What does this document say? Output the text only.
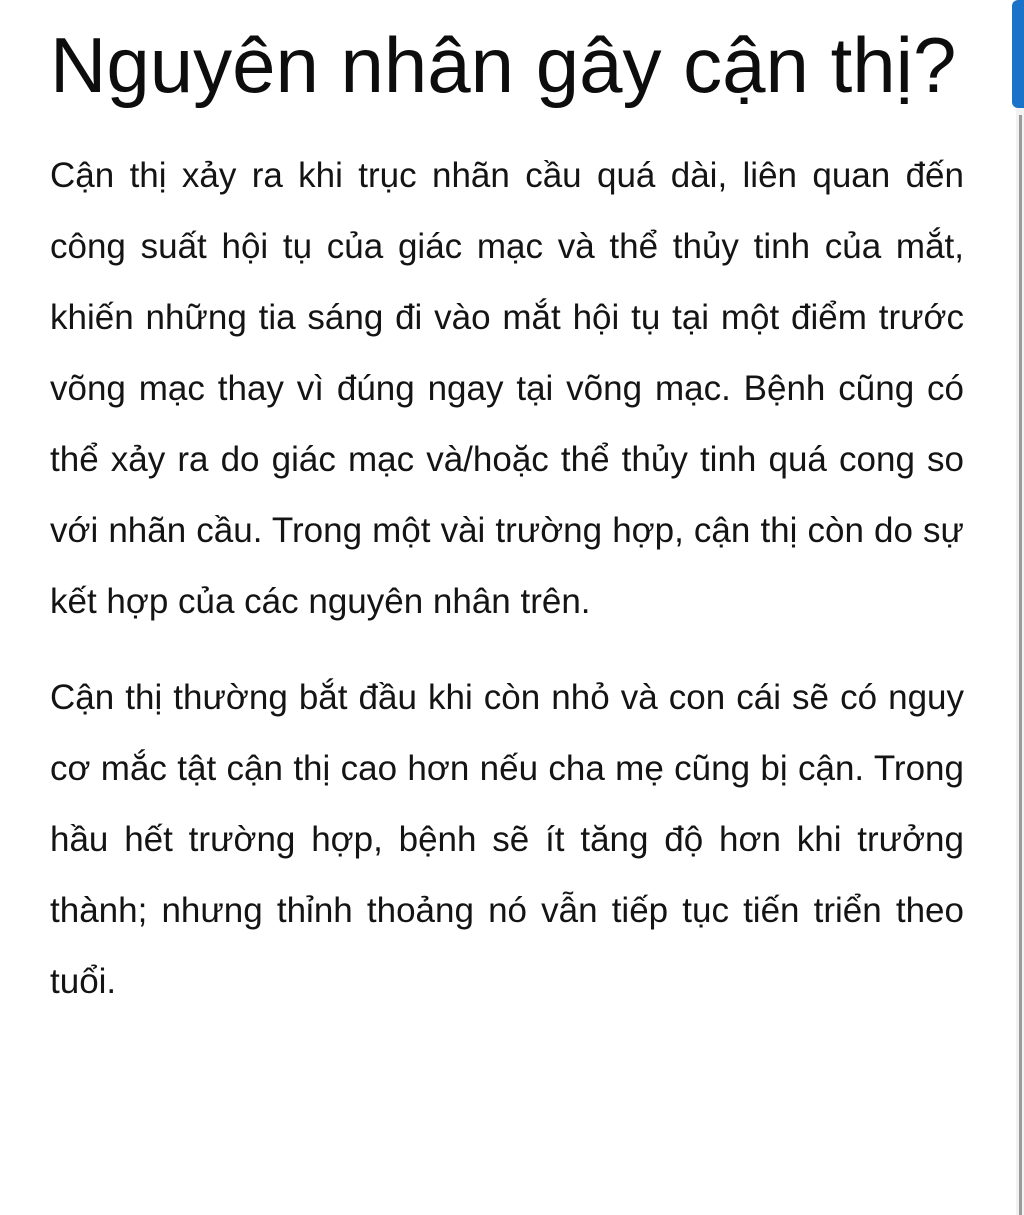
Nguyên nhân gây cận thị?

Cận thị xảy ra khi trục nhãn cầu quá dài, liên quan đến công suất hội tụ của giác mạc và thể thủy tinh của mắt, khiến những tia sáng đi vào mắt hội tụ tại một điểm trước võng mạc thay vì đúng ngay tại võng mạc. Bệnh cũng có thể xảy ra do giác mạc và/hoặc thể thủy tinh quá cong so với nhãn cầu. Trong một vài trường hợp, cận thị còn do sự kết hợp của các nguyên nhân trên.

Cận thị thường bắt đầu khi còn nhỏ và con cái sẽ có nguy cơ mắc tật cận thị cao hơn nếu cha mẹ cũng bị cận. Trong hầu hết trường hợp, bệnh sẽ ít tăng độ hơn khi trưởng thành; nhưng thỉnh thoảng nó vẫn tiếp tục tiến triển theo tuổi.
